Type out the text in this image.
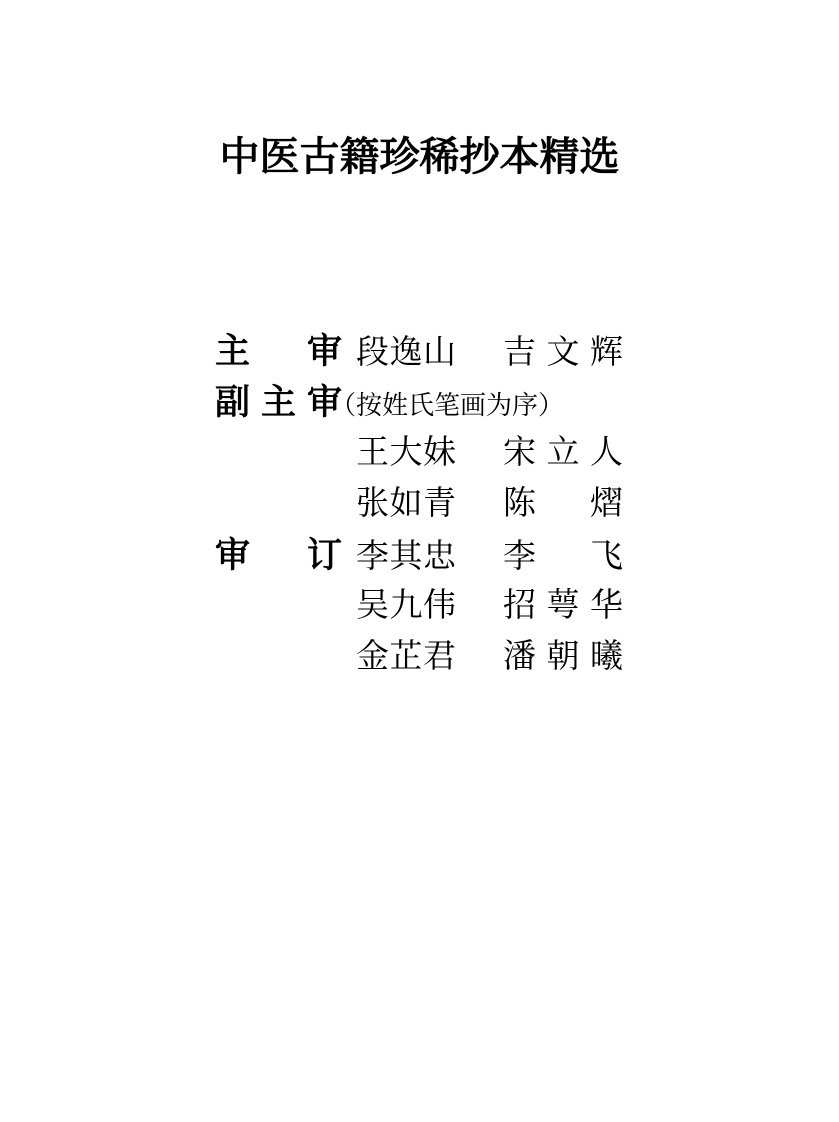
中医古籍珍稀抄本精选
主　审 段逸山 吉文辉
副主审（按姓氏笔画为序）
王大妹 宋立人
张如青 陈　熠
审　订 李其忠 李　飞
吴九伟 招萼华
金芷君 潘朝曦
